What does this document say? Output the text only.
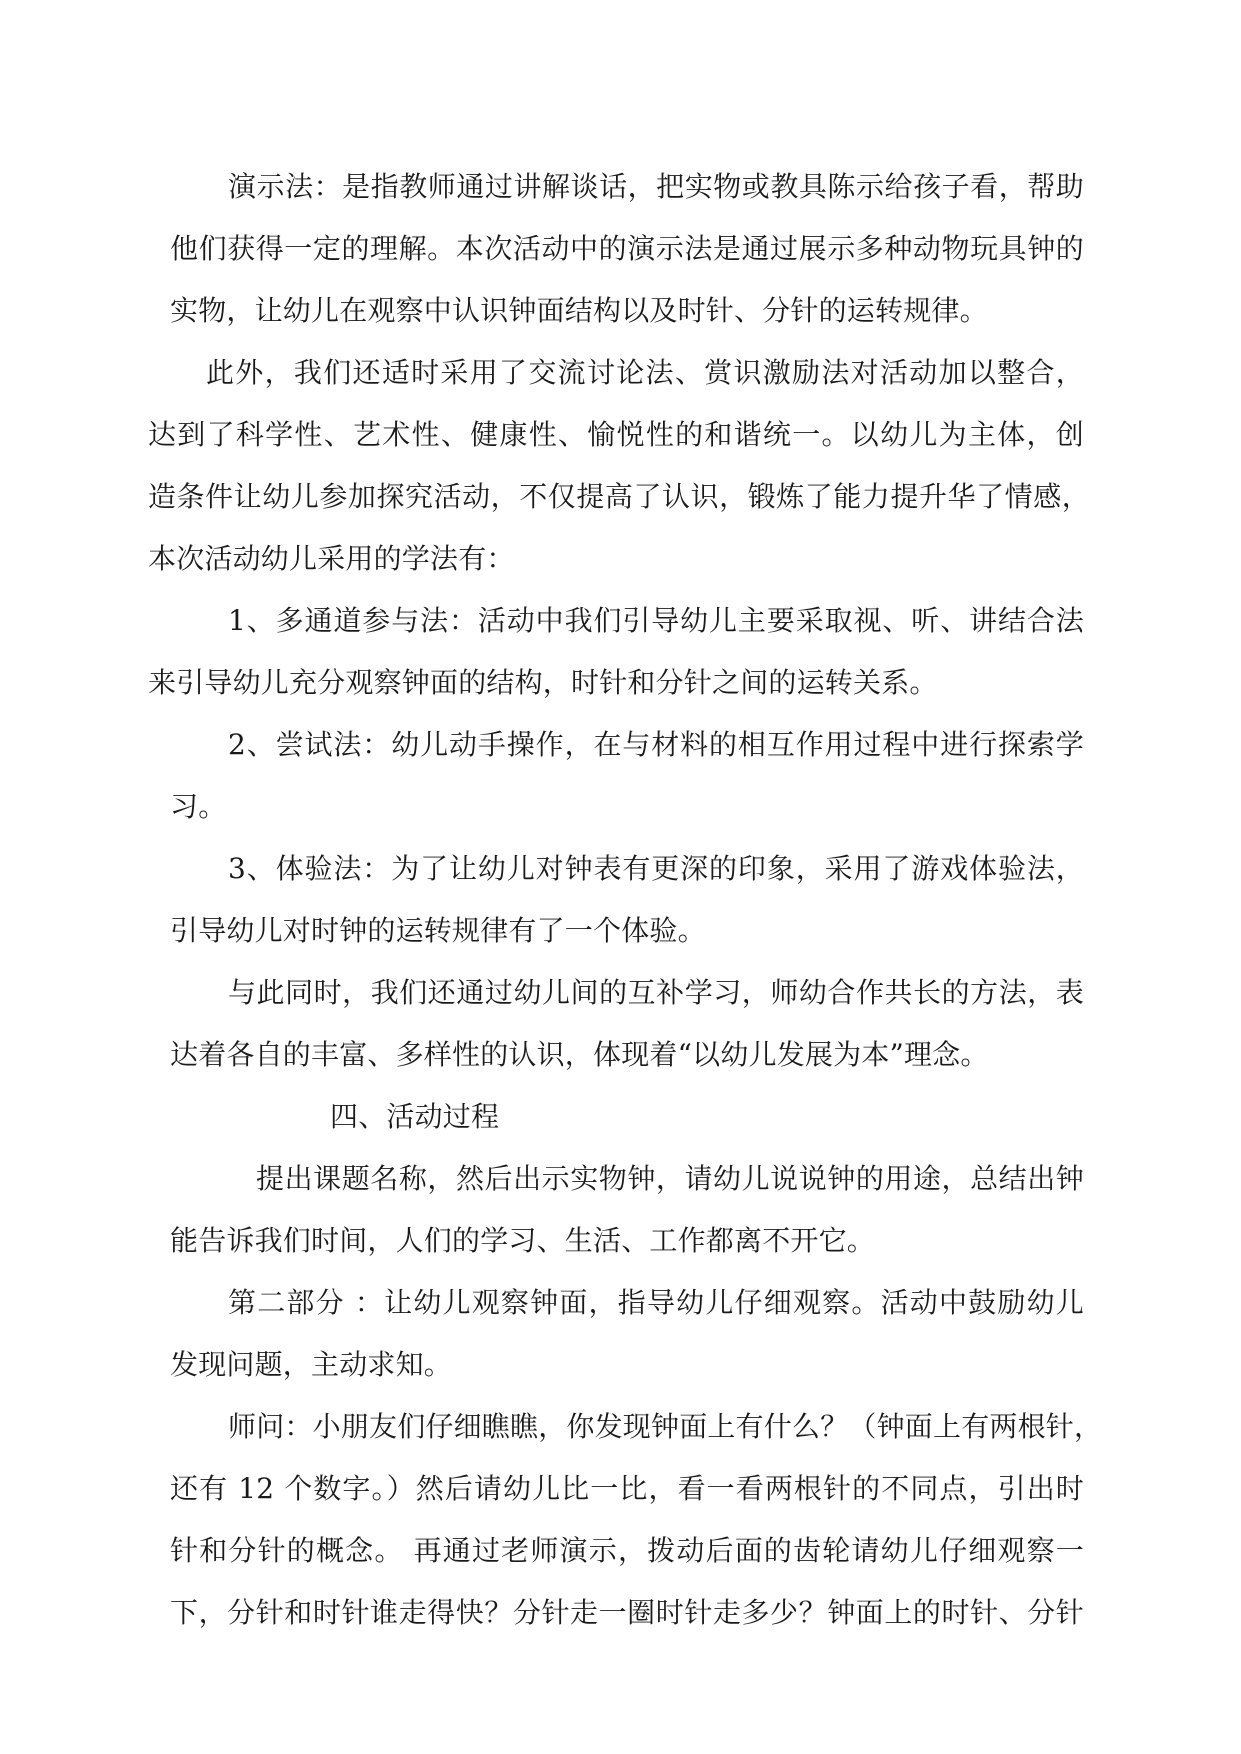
演示法：是指教师通过讲解谈话，把实物或教具陈示给孩子看，帮助
他们获得一定的理解。本次活动中的演示法是通过展示多种动物玩具钟的
实物，让幼儿在观察中认识钟面结构以及时针、分针的运转规律。
此外，我们还适时采用了交流讨论法、赏识激励法对活动加以整合，
达到了科学性、艺术性、健康性、愉悦性的和谐统一。以幼儿为主体，创
造条件让幼儿参加探究活动，不仅提高了认识，锻炼了能力提升华了情感，
本次活动幼儿采用的学法有：
1、多通道参与法：活动中我们引导幼儿主要采取视、听、讲结合法
来引导幼儿充分观察钟面的结构，时针和分针之间的运转关系。
2、尝试法：幼儿动手操作，在与材料的相互作用过程中进行探索学
习。
3、体验法：为了让幼儿对钟表有更深的印象，采用了游戏体验法，
引导幼儿对时钟的运转规律有了一个体验。
与此同时，我们还通过幼儿间的互补学习，师幼合作共长的方法，表
达着各自的丰富、多样性的认识，体现着“以幼儿发展为本”理念。
四、活动过程
提出课题名称，然后出示实物钟，请幼儿说说钟的用途，总结出钟
能告诉我们时间，人们的学习、生活、工作都离不开它。
第二部分 ：让幼儿观察钟面，指导幼儿仔细观察。活动中鼓励幼儿
发现问题，主动求知。
师问：小朋友们仔细瞧瞧，你发现钟面上有什么？（钟面上有两根针，
还有 12 个数字。）然后请幼儿比一比，看一看两根针的不同点，引出时
针和分针的概念。 再通过老师演示，拨动后面的齿轮请幼儿仔细观察一
下，分针和时针谁走得快？分针走一圈时针走多少？钟面上的时针、分针
